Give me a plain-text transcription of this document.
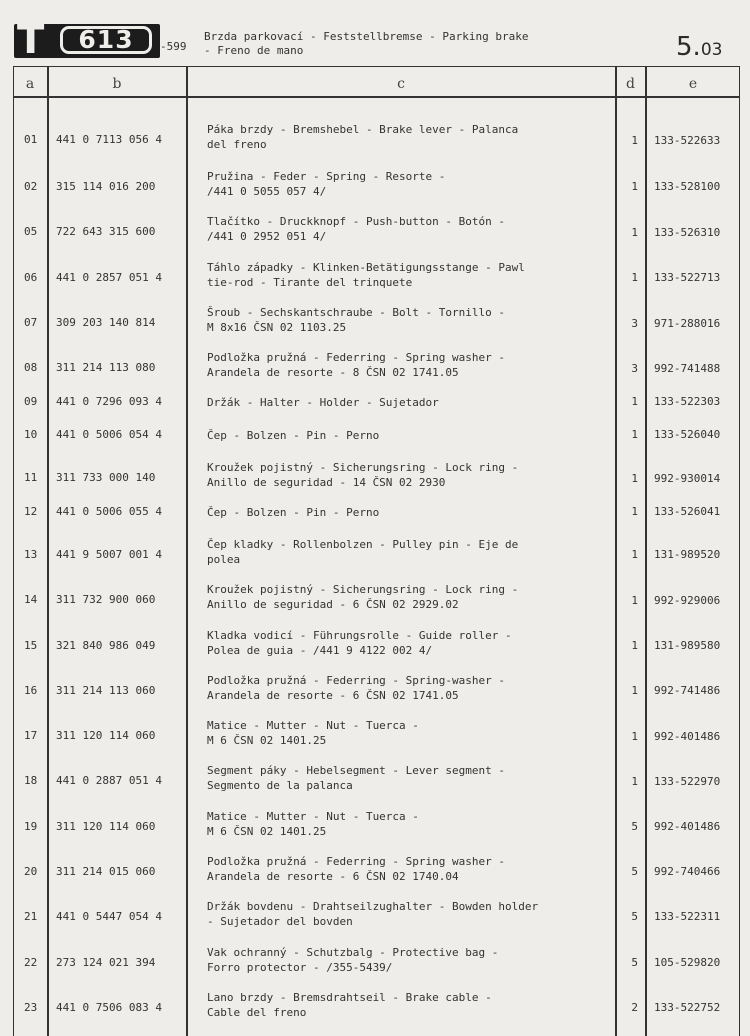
T	613	-599
Brzda parkovací - Feststellbremse - Parking brake
- Freno de mano	5.03
a	b	c	d	e
01 441 0 7113 056 4
Páka brzdy - Bremshebel - Brake lever - Palanca
del freno	1 133-522633
02 315 114 016 200
Pružina - Feder - Spring - Resorte -
/441 0 5055 057 4/	1 133-528100
05 722 643 315 600
Tlačítko - Druckknopf - Push-button - Botón -
/441 0 2952 051 4/	1 133-526310
06 441 0 2857 051 4
Táhlo západky - Klinken-Betätigungsstange - Pawl
tie-rod - Tirante del trinquete	1 133-522713
07 309 203 140 814
Šroub - Sechskantschraube - Bolt - Tornillo -
M 8x16 ČSN 02 1103.25	3 971-288016
08 311 214 113 080
Podložka pružná - Federring - Spring washer -
Arandela de resorte - 8 ČSN 02 1741.05	3 992-741488
09 441 0 7296 093 4	Držák - Halter - Holder - Sujetador	1 133-522303
10 441 0 5006 054 4	Čep - Bolzen - Pin - Perno	1 133-526040
11 311 733 000 140
Kroužek pojistný - Sicherungsring - Lock ring -
Anillo de seguridad - 14 ČSN 02 2930	1 992-930014
12 441 0 5006 055 4	Čep - Bolzen - Pin - Perno	1 133-526041
13 441 9 5007 001 4
Čep kladky - Rollenbolzen - Pulley pin - Eje de
polea	1 131-989520
14 311 732 900 060
Kroužek pojistný - Sicherungsring - Lock ring -
Anillo de seguridad - 6 ČSN 02 2929.02	1 992-929006
15 321 840 986 049
Kladka vodicí - Führungsrolle - Guide roller -
Polea de guia - /441 9 4122 002 4/	1 131-989580
16 311 214 113 060
Podložka pružná - Federring - Spring-washer -
Arandela de resorte - 6 ČSN 02 1741.05	1 992-741486
17 311 120 114 060
Matice - Mutter - Nut - Tuerca -
M 6 ČSN 02 1401.25	1 992-401486
18 441 0 2887 051 4
Segment páky - Hebelsegment - Lever segment -
Segmento de la palanca	1 133-522970
19 311 120 114 060
Matice - Mutter - Nut - Tuerca -
M 6 ČSN 02 1401.25	5 992-401486
20 311 214 015 060
Podložka pružná - Federring - Spring washer -
Arandela de resorte - 6 ČSN 02 1740.04	5 992-740466
21 441 0 5447 054 4
Držák bovdenu - Drahtseilzughalter - Bowden holder
- Sujetador del bovden	5 133-522311
22 273 124 021 394
Vak ochranný - Schutzbalg - Protective bag -
Forro protector - /355-5439/	5 105-529820
23 441 0 7506 083 4
Lano brzdy - Bremsdrahtseil - Brake cable -
Cable del freno	2 133-522752
